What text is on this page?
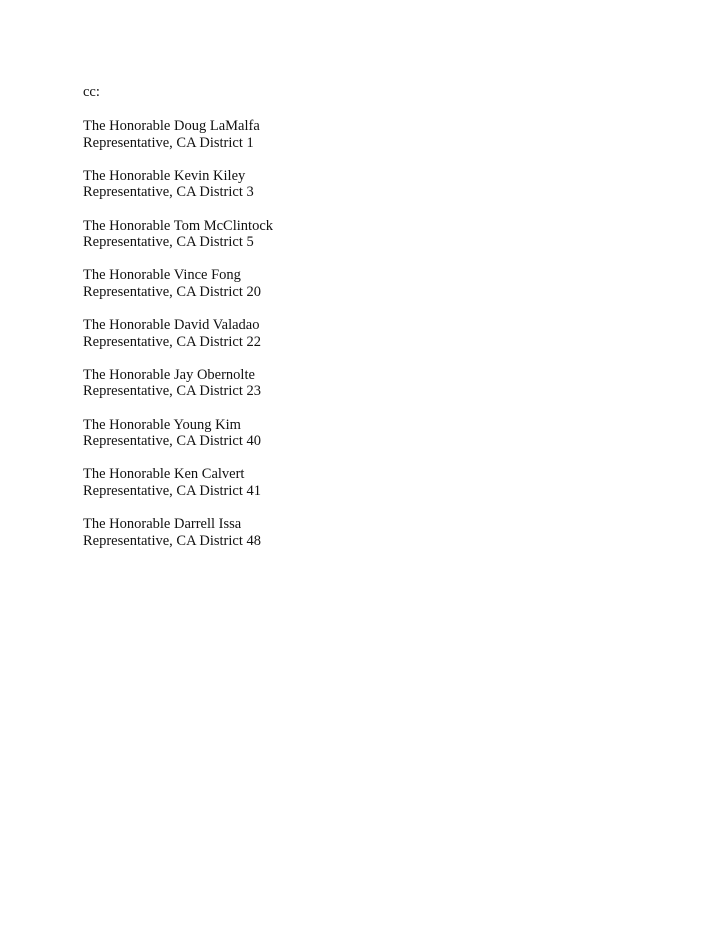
cc:
The Honorable Doug LaMalfa
Representative, CA District 1
The Honorable Kevin Kiley
Representative, CA District 3
The Honorable Tom McClintock
Representative, CA District 5
The Honorable Vince Fong
Representative, CA District 20
The Honorable David Valadao
Representative, CA District 22
The Honorable Jay Obernolte
Representative, CA District 23
The Honorable Young Kim
Representative, CA District 40
The Honorable Ken Calvert
Representative, CA District 41
The Honorable Darrell Issa
Representative, CA District 48
